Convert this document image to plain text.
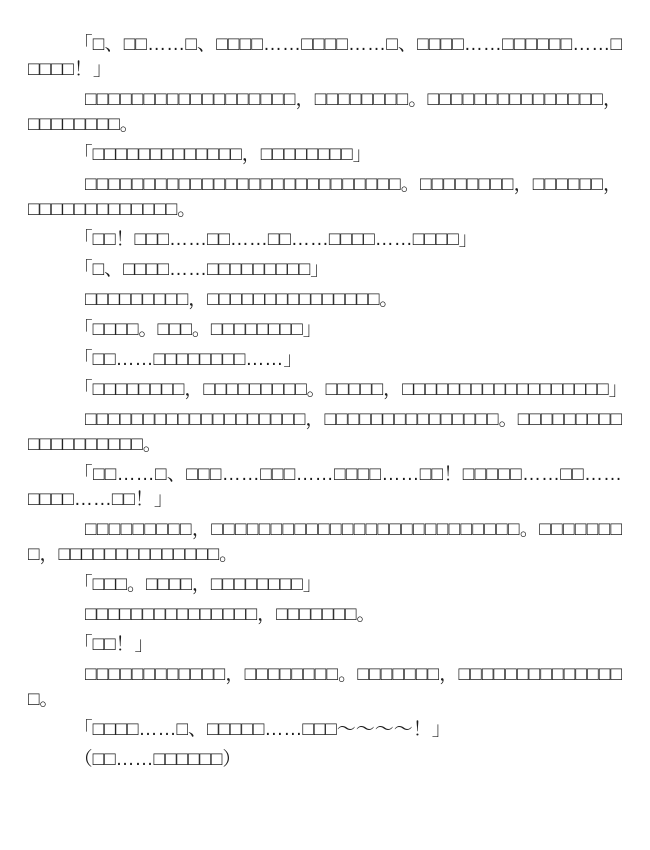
「□、□□……□、□□□□……□□□□……□、□□□□……□□□□□□……□□□□□！」

□□□□□□□□□□□□□□□□□□，□□□□□□□□。□□□□□□□□□□□□□□□，□□□□□□□□。

「□□□□□□□□□□□□□，□□□□□□□□」

□□□□□□□□□□□□□□□□□□□□□□□□□□□。□□□□□□□□，□□□□□□，□□□□□□□□□□□□□。

「□□！□□□……□□……□□……□□□□……□□□□」

「□、□□□□……□□□□□□□□□」

□□□□□□□□□，□□□□□□□□□□□□□□□。

「□□□□。□□□。□□□□□□□□」

「□□……□□□□□□□□……」

「□□□□□□□□，□□□□□□□□□。□□□□□，□□□□□□□□□□□□□□□□□□」

□□□□□□□□□□□□□□□□□□□，□□□□□□□□□□□□□□□。□□□□□□□□□□□□□□□□□□□。

「□□……□、□□□……□□□……□□□□……□□！□□□□□……□□……□□□□……□□！」

□□□□□□□□□，□□□□□□□□□□□□□□□□□□□□□□□□□□。□□□□□□□□，□□□□□□□□□□□□□□。

「□□□。□□□□，□□□□□□□□」

□□□□□□□□□□□□□□□，□□□□□□□。

「□□！」

□□□□□□□□□□□□，□□□□□□□□。□□□□□□□，□□□□□□□□□□□□□□□。

「□□□□……□、□□□□□……□□□～～～～！」

（□□……□□□□□□）
